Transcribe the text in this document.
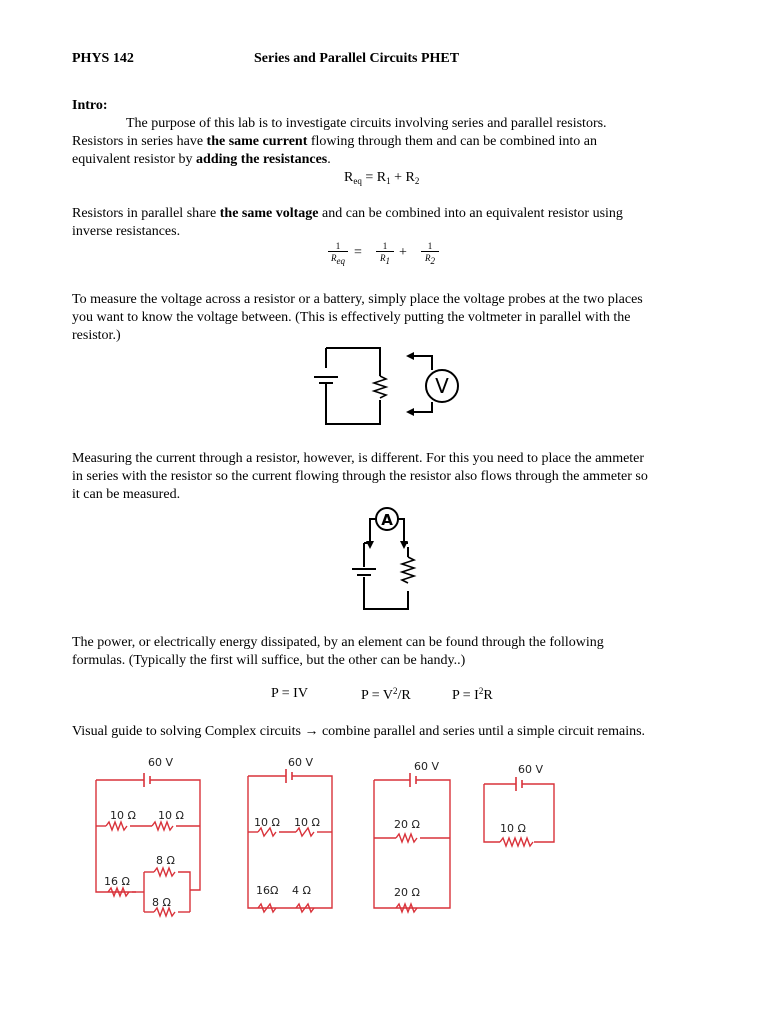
PHYS 142	Series and Parallel Circuits PHET
Intro:
The purpose of this lab is to investigate circuits involving series and parallel resistors.
Resistors in series have the same current flowing through them and can be combined into an
equivalent resistor by adding the resistances.
$R_{eq} = R_1 + R_2$
Resistors in parallel share the same voltage and can be combined into an equivalent resistor using
inverse resistances.
1
Req
= $\frac{1}{R1} + \frac{1}{R2}$
To measure the voltage across a resistor or a battery, simply place the voltage probes at the two places
you want to know the voltage between. (This is effectively putting the voltmeter in parallel with the
resistor.)
V
Measuring the current through a resistor, however, is different. For this you need to place the ammeter
in series with the resistor so the current flowing through the resistor also flows through the ammeter so
it can be measured.
A
The power, or electrically energy dissipated, by an element can be found through the following
formulas. (Typically the first will suffice, but the other can be handy..)
P = IV	$P = V^2/R$	$P = I^2R$
Visual guide to solving Complex circuits → combine parallel and series until a simple circuit remains.
60 V
10 Ω 10 Ω
16 Ω
8 Ω
8 Ω
60 V
10 Ω 10 Ω
16Ω 4 Ω
60 V
20 Ω
20 Ω
60 V
10 Ω
